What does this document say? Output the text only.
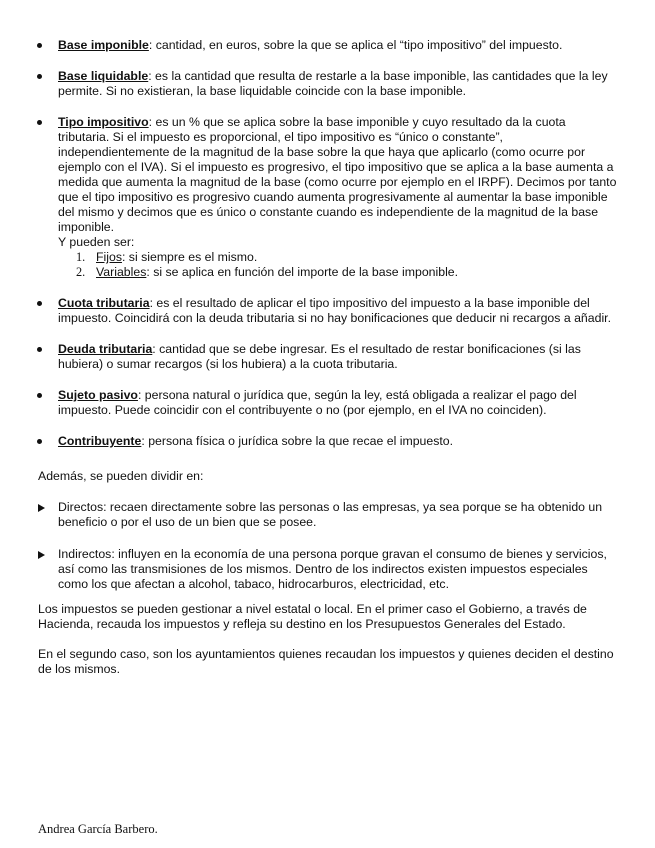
Base imponible: cantidad, en euros, sobre la que se aplica el “tipo impositivo” del impuesto.
Base liquidable: es la cantidad que resulta de restarle a la base imponible, las cantidades que la ley permite. Si no existieran, la base liquidable coincide con la base imponible.
Tipo impositivo: es un % que se aplica sobre la base imponible y cuyo resultado da la cuota tributaria. Si el impuesto es proporcional, el tipo impositivo es “único o constante”, independientemente de la magnitud de la base sobre la que haya que aplicarlo (como ocurre por ejemplo con el IVA). Si el impuesto es progresivo, el tipo impositivo que se aplica a la base aumenta a medida que aumenta la magnitud de la base (como ocurre por ejemplo en el IRPF). Decimos por tanto que el tipo impositivo es progresivo cuando aumenta progresivamente al aumentar la base imponible del mismo y decimos que es único o constante cuando es independiente de la magnitud de la base imponible.
Y pueden ser:
1. Fijos: si siempre es el mismo.
2. Variables: si se aplica en función del importe de la base imponible.
Cuota tributaria: es el resultado de aplicar el tipo impositivo del impuesto a la base imponible del impuesto. Coincidirá con la deuda tributaria si no hay bonificaciones que deducir ni recargos a añadir.
Deuda tributaria: cantidad que se debe ingresar. Es el resultado de restar bonificaciones (si las hubiera) o sumar recargos (si los hubiera) a la cuota tributaria.
Sujeto pasivo: persona natural o jurídica que, según la ley, está obligada a realizar el pago del impuesto. Puede coincidir con el contribuyente o no (por ejemplo, en el IVA no coinciden).
Contribuyente: persona física o jurídica sobre la que recae el impuesto.

Además, se pueden dividir en:

Directos: recaen directamente sobre las personas o las empresas, ya sea porque se ha obtenido un beneficio o por el uso de un bien que se posee.
Indirectos: influyen en la economía de una persona porque gravan el consumo de bienes y servicios, así como las transmisiones de los mismos. Dentro de los indirectos existen impuestos especiales como los que afectan a alcohol, tabaco, hidrocarburos, electricidad, etc.

Los impuestos se pueden gestionar a nivel estatal o local. En el primer caso el Gobierno, a través de Hacienda, recauda los impuestos y refleja su destino en los Presupuestos Generales del Estado.

En el segundo caso, son los ayuntamientos quienes recaudan los impuestos y quienes deciden el destino de los mismos.

Andrea García Barbero.
